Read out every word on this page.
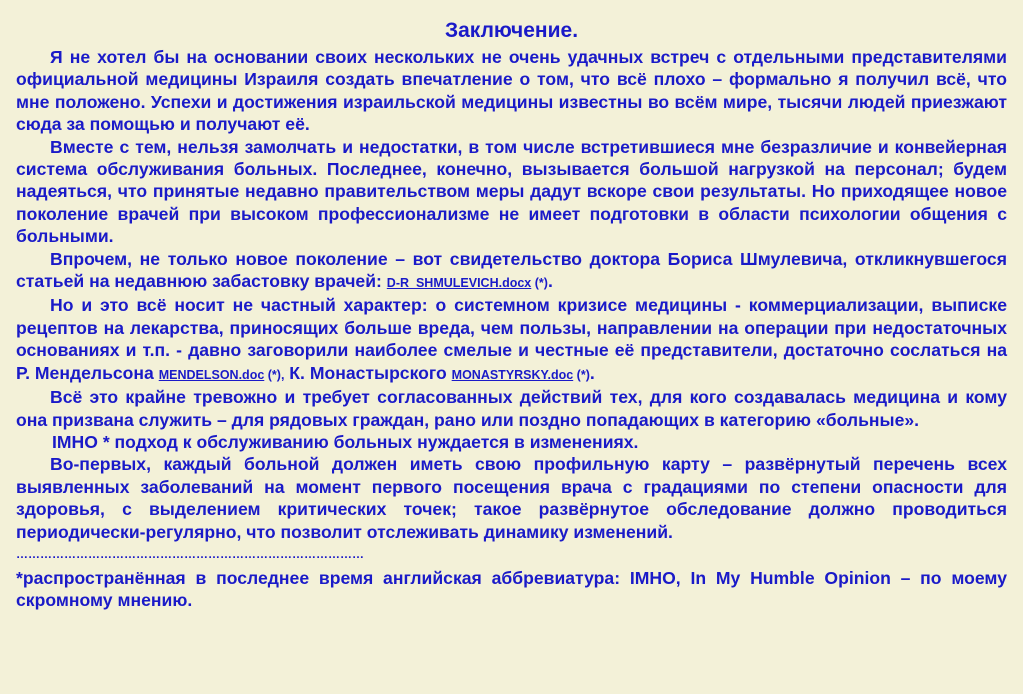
Заключение.

Я не хотел бы на основании своих нескольких не очень удачных встреч с отдельными представителями официальной медицины Израиля создать впечатление о том, что всё плохо – формально я получил всё, что мне положено. Успехи и достижения израильской медицины известны во всём мире, тысячи людей приезжают сюда за помощью и получают её.

Вместе с тем, нельзя замолчать и недостатки, в том числе встретившиеся мне безразличие и конвейерная система обслуживания больных. Последнее, конечно, вызывается большой нагрузкой на персонал; будем надеяться, что принятые недавно правительством меры дадут вскоре свои результаты. Но приходящее новое поколение врачей при высоком профессионализме не имеет подготовки в области психологии общения с больными.

Впрочем, не только новое поколение – вот свидетельство доктора Бориса Шмулевича, откликнувшегося статьей на недавнюю забастовку врачей: D-R_SHMULEVICH.docx (*).

Но и это всё носит не частный характер: о системном кризисе медицины - коммерциализации, выписке рецептов на лекарства, приносящих больше вреда, чем пользы, направлении на операции при недостаточных основаниях и т.п. - давно заговорили наиболее смелые и честные её представители, достаточно сослаться на Р. Мендельсона MENDELSON.doc (*), К. Монастырского MONASTYRSKY.doc (*).

Всё это крайне тревожно и требует согласованных действий тех, для кого создавалась медицина и кому она призвана служить – для рядовых граждан, рано или поздно попадающих в категорию «больные».

IMHO * подход к обслуживанию больных нуждается в изменениях.

Во-первых, каждый больной должен иметь свою профильную карту – развёрнутый перечень всех выявленных заболеваний на момент первого посещения врача с градациями по степени опасности для здоровья, с выделением критических точек; такое развёрнутое обследование должно проводиться периодически-регулярно, что позволит отслеживать динамику изменений.

……………………………………………………………………………

*распространённая в последнее время английская аббревиатура: IMHO, In My Humble Opinion – по моему скромному мнению.
